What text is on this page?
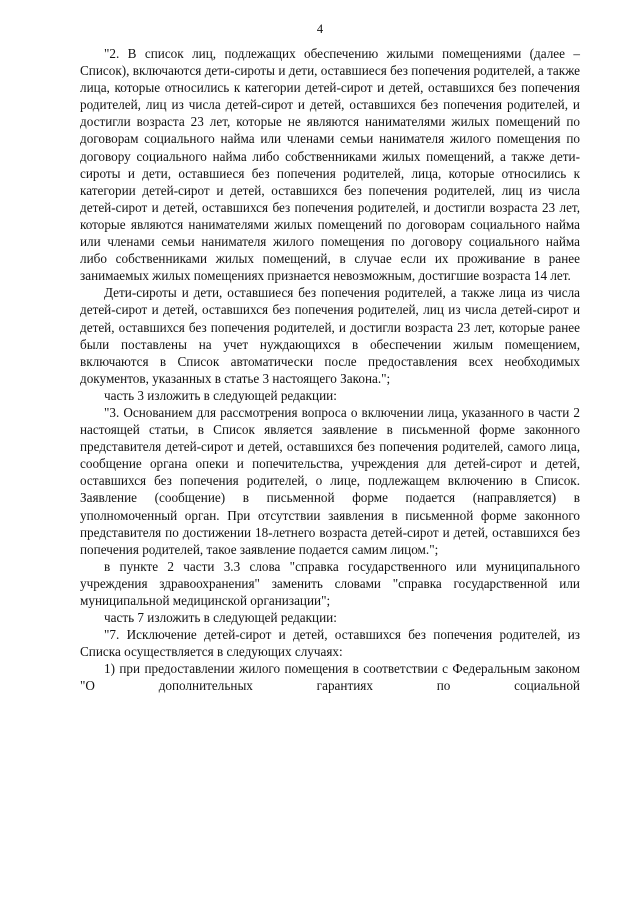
4

"2. В список лиц, подлежащих обеспечению жилыми помещениями (далее – Список), включаются дети-сироты и дети, оставшиеся без попечения родителей, а также лица, которые относились к категории детей-сирот и детей, оставшихся без попечения родителей, лиц из числа детей-сирот и детей, оставшихся без попечения родителей, и достигли возраста 23 лет, которые не являются нанимателями жилых помещений по договорам социального найма или членами семьи нанимателя жилого помещения по договору социального найма либо собственниками жилых помещений, а также дети-сироты и дети, оставшиеся без попечения родителей, лица, которые относились к категории детей-сирот и детей, оставшихся без попечения родителей, лиц из числа детей-сирот и детей, оставшихся без попечения родителей, и достигли возраста 23 лет, которые являются нанимателями жилых помещений по договорам социального найма или членами семьи нанимателя жилого помещения по договору социального найма либо собственниками жилых помещений, в случае если их проживание в ранее занимаемых жилых помещениях признается невозможным, достигшие возраста 14 лет.

Дети-сироты и дети, оставшиеся без попечения родителей, а также лица из числа детей-сирот и детей, оставшихся без попечения родителей, лиц из числа детей-сирот и детей, оставшихся без попечения родителей, и достигли возраста 23 лет, которые ранее были поставлены на учет нуждающихся в обеспечении жилым помещением, включаются в Список автоматически после предоставления всех необходимых документов, указанных в статье 3 настоящего Закона.";

часть 3 изложить в следующей редакции:

"3. Основанием для рассмотрения вопроса о включении лица, указанного в части 2 настоящей статьи, в Список является заявление в письменной форме законного представителя детей-сирот и детей, оставшихся без попечения родителей, самого лица, сообщение органа опеки и попечительства, учреждения для детей-сирот и детей, оставшихся без попечения родителей, о лице, подлежащем включению в Список. Заявление (сообщение) в письменной форме подается (направляется) в уполномоченный орган. При отсутствии заявления в письменной форме законного представителя по достижении 18-летнего возраста детей-сирот и детей, оставшихся без попечения родителей, такое заявление подается самим лицом.";

в пункте 2 части 3.3 слова "справка государственного или муниципального учреждения здравоохранения" заменить словами "справка государственной или муниципальной медицинской организации";

часть 7 изложить в следующей редакции:

"7. Исключение детей-сирот и детей, оставшихся без попечения родителей, из Списка осуществляется в следующих случаях:

1) при предоставлении жилого помещения в соответствии с Федеральным законом "О дополнительных гарантиях по социальной
